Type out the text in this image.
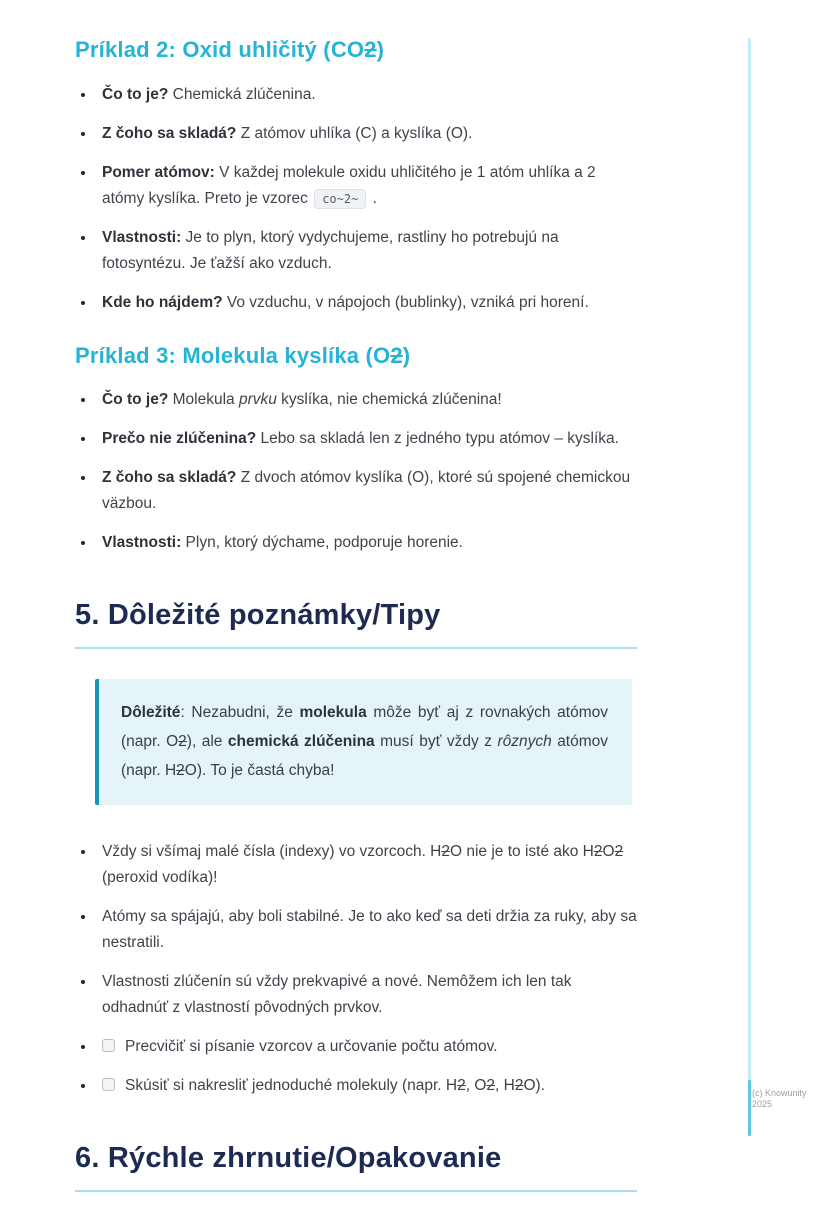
Príklad 2: Oxid uhličitý (CO2)
• Čo to je? Chemická zlúčenina.
• Z čoho sa skladá? Z atómov uhlíka (C) a kyslíka (O).
• Pomer atómov: V každej molekule oxidu uhličitého je 1 atóm uhlíka a 2 atómy kyslíka. Preto je vzorec co~2~ .
• Vlastnosti: Je to plyn, ktorý vydychujeme, rastliny ho potrebujú na fotosyntézu. Je ťažší ako vzduch.
• Kde ho nájdem? Vo vzduchu, v nápojoch (bublinky), vzniká pri horení.
Príklad 3: Molekula kyslíka (O2)
• Čo to je? Molekula prvku kyslíka, nie chemická zlúčenina!
• Prečo nie zlúčenina? Lebo sa skladá len z jedného typu atómov – kyslíka.
• Z čoho sa skladá? Z dvoch atómov kyslíka (O), ktoré sú spojené chemickou väzbou.
• Vlastnosti: Plyn, ktorý dýchame, podporuje horenie.
5. Dôležité poznámky/Tipy

Dôležité: Nezabudni, že molekula môže byť aj z rovnakých atómov (napr. O2), ale chemická zlúčenina musí byť vždy z rôznych atómov (napr. H2O). To je častá chyba!

• Vždy si všímaj malé čísla (indexy) vo vzorcoch. H2O nie je to isté ako H2O2 (peroxid vodíka)!
• Atómy sa spájajú, aby boli stabilné. Je to ako keď sa deti držia za ruky, aby sa nestratili.
• Vlastnosti zlúčenín sú vždy prekvapivé a nové. Nemôžem ich len tak odhadnúť z vlastností pôvodných prvkov.
• Precvičiť si písanie vzorcov a určovanie počtu atómov.
• Skúsiť si nakresliť jednoduché molekuly (napr. H2, O2, H2O).
6. Rýchle zhrnutie/Opakovanie
(c) Knowunity 2025
